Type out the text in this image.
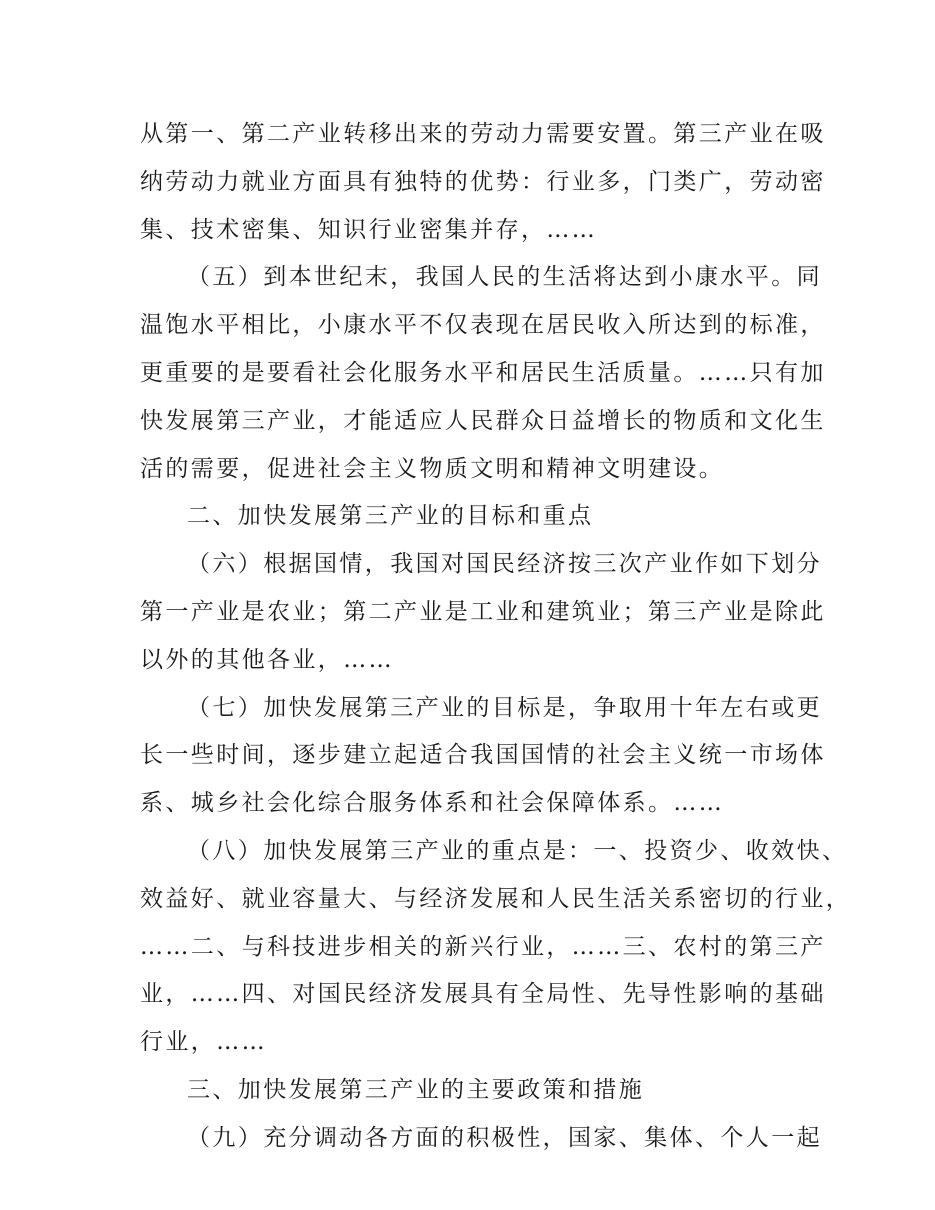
从第一、第二产业转移出来的劳动力需要安置。第三产业在吸
纳劳动力就业方面具有独特的优势：行业多，门类广，劳动密
集、技术密集、知识行业密集并存，……
（五）到本世纪末，我国人民的生活将达到小康水平。同
温饱水平相比，小康水平不仅表现在居民收入所达到的标准，
更重要的是要看社会化服务水平和居民生活质量。……只有加
快发展第三产业，才能适应人民群众日益增长的物质和文化生
活的需要，促进社会主义物质文明和精神文明建设。
二、加快发展第三产业的目标和重点
（六）根据国情，我国对国民经济按三次产业作如下划分
第一产业是农业；第二产业是工业和建筑业；第三产业是除此
以外的其他各业，……
（七）加快发展第三产业的目标是，争取用十年左右或更
长一些时间，逐步建立起适合我国国情的社会主义统一市场体
系、城乡社会化综合服务体系和社会保障体系。……
（八）加快发展第三产业的重点是：一、投资少、收效快、
效益好、就业容量大、与经济发展和人民生活关系密切的行业，
……二、与科技进步相关的新兴行业，……三、农村的第三产
业，……四、对国民经济发展具有全局性、先导性影响的基础
行业，……
三、加快发展第三产业的主要政策和措施
（九）充分调动各方面的积极性，国家、集体、个人一起
